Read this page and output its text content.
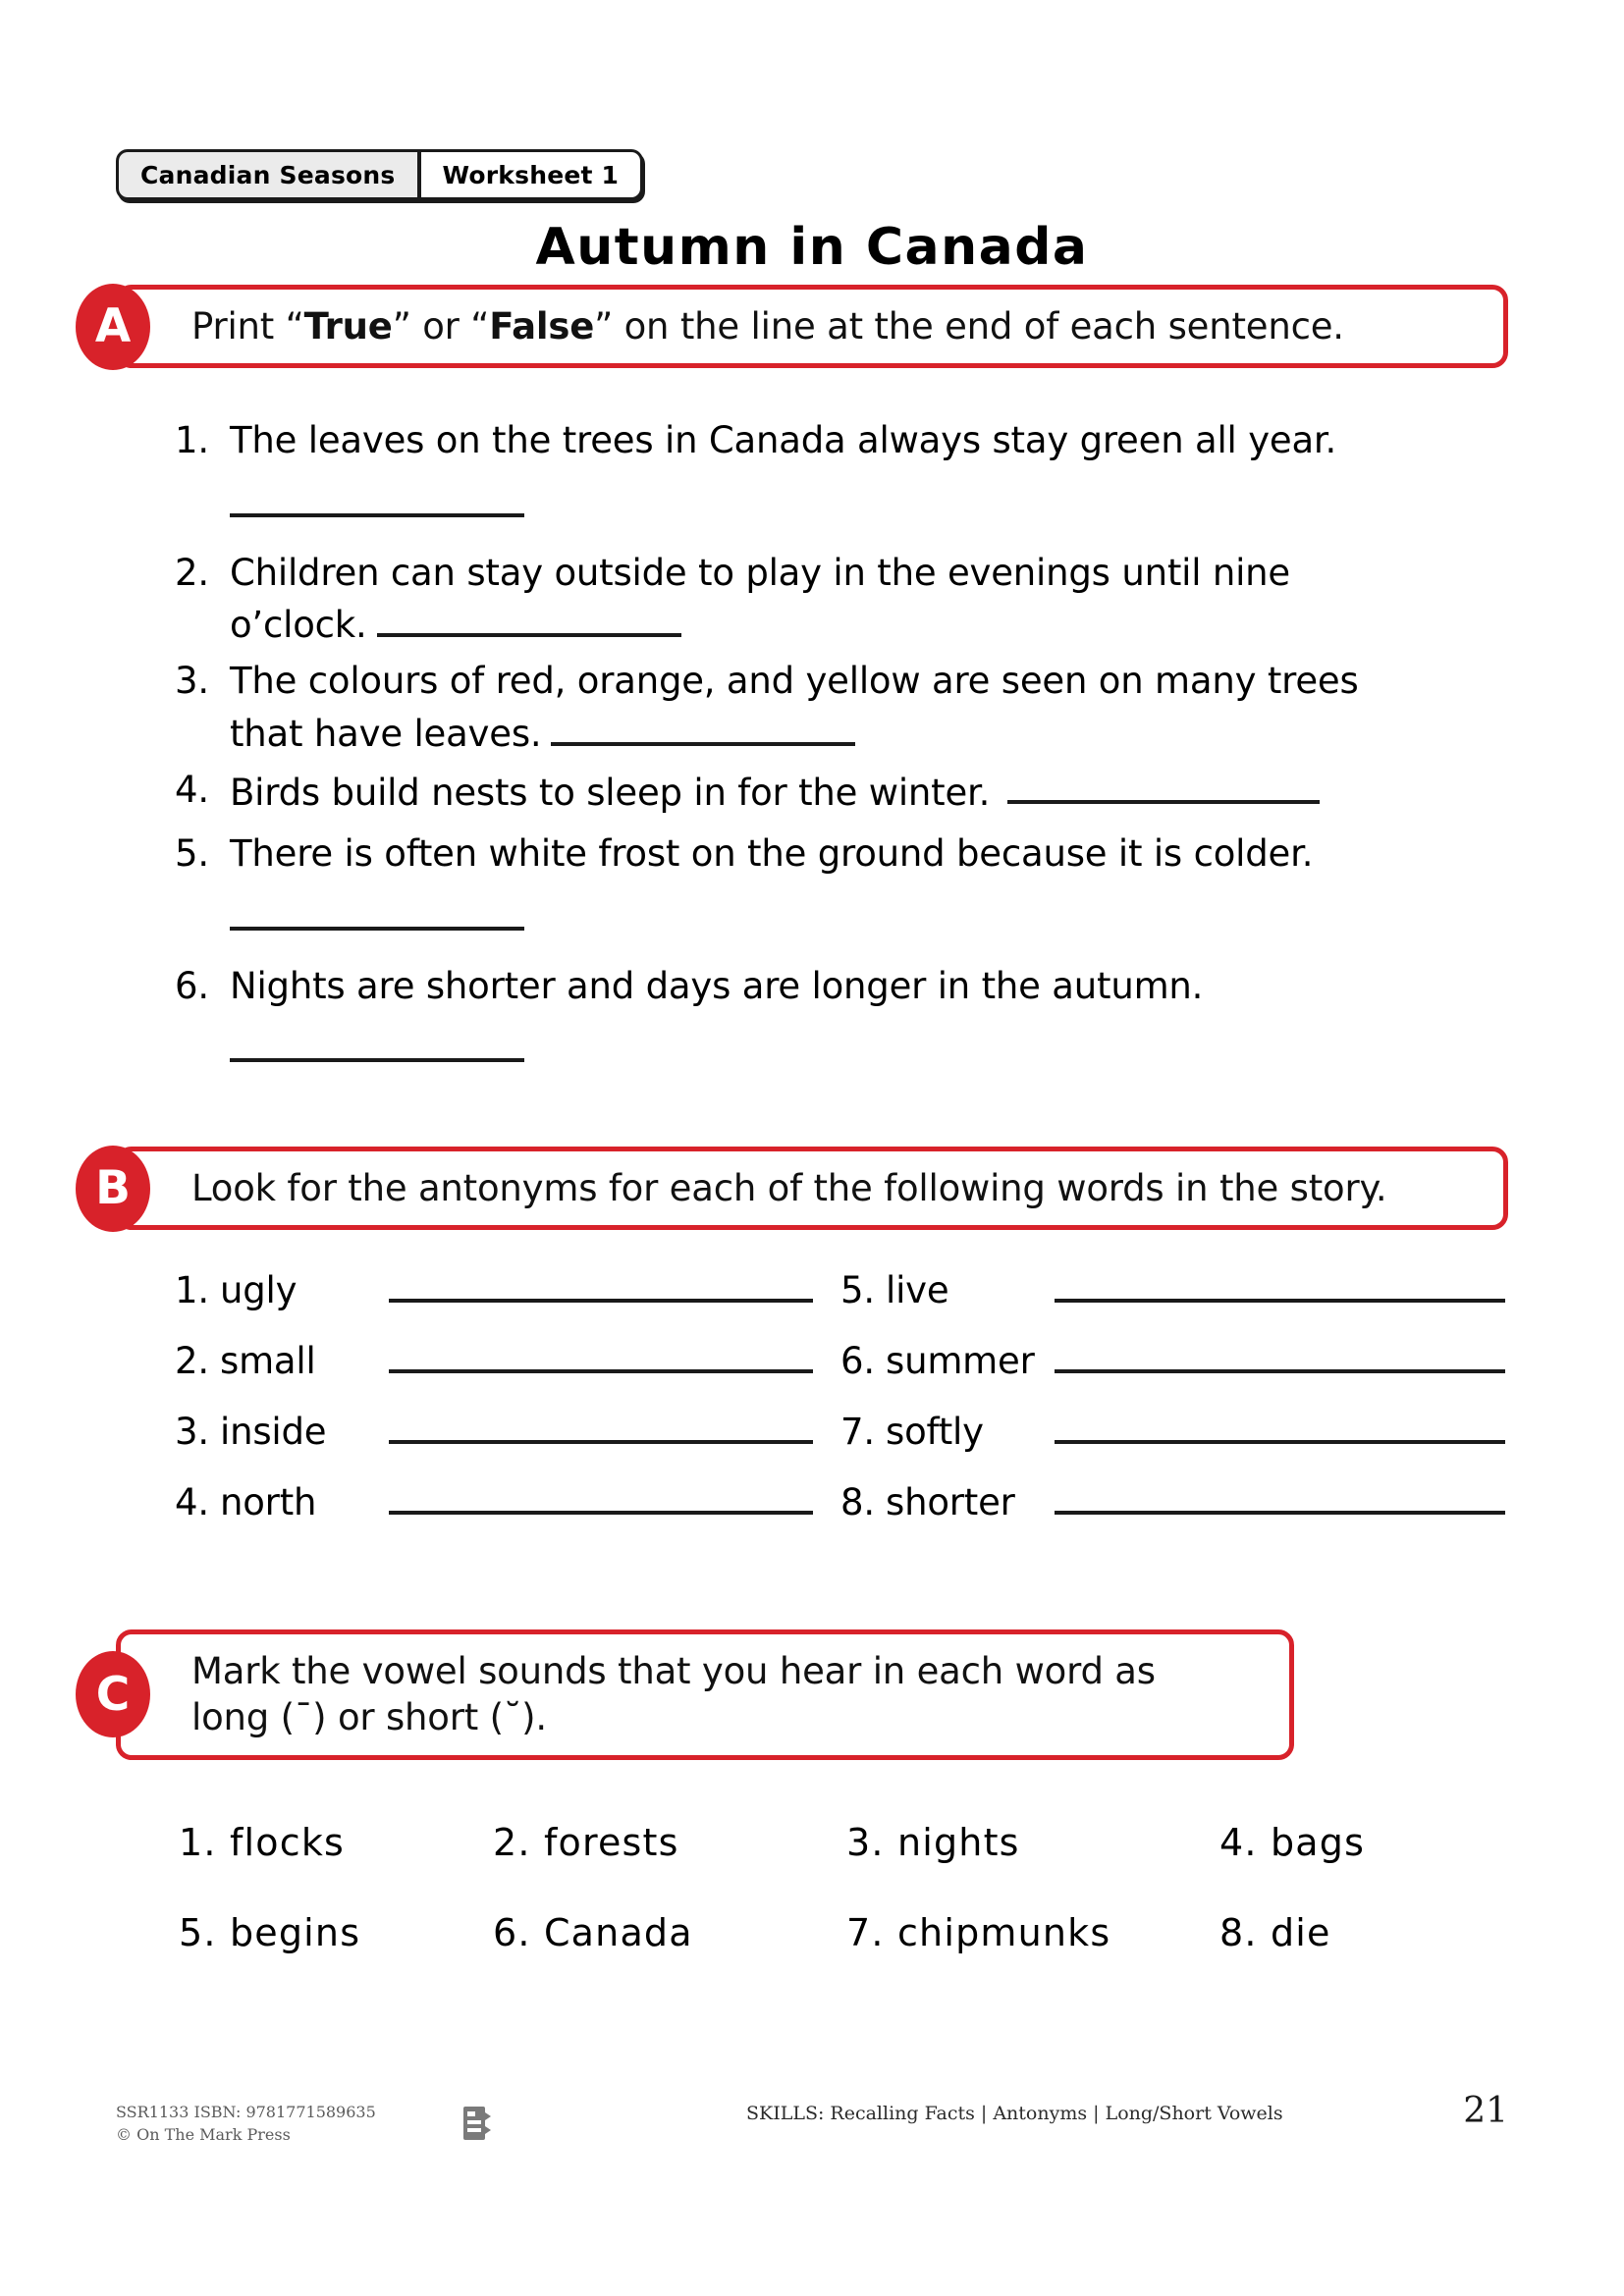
Canadian Seasons Worksheet 1
Autumn in Canada
A	Print “True” or “False” on the line at the end of each sentence.
1. The leaves on the trees in Canada always stay green all year.
2. Children can stay outside to play in the evenings until nine
o’clock.
3. The colours of red, orange, and yellow are seen on many trees
that have leaves.
4. Birds build nests to sleep in for the winter.
5. There is often white frost on the ground because it is colder.
6. Nights are shorter and days are longer in the autumn.
B	Look for the antonyms for each of the following words in the story.
1. ugly	5. live
2. small	6. summer
3. inside	7. softly
4. north	8. shorter
C	Mark the vowel sounds that you hear in each word as
long (¯) or short (˘).
1. flocks	2. forests	3. nights	4. bags
5. begins	6. Canada	7. chipmunks	8. die
SSR1133 ISBN: 9781771589635
© On The Mark Press
SKILLS: Recalling Facts | Antonyms | Long/Short Vowels	21
